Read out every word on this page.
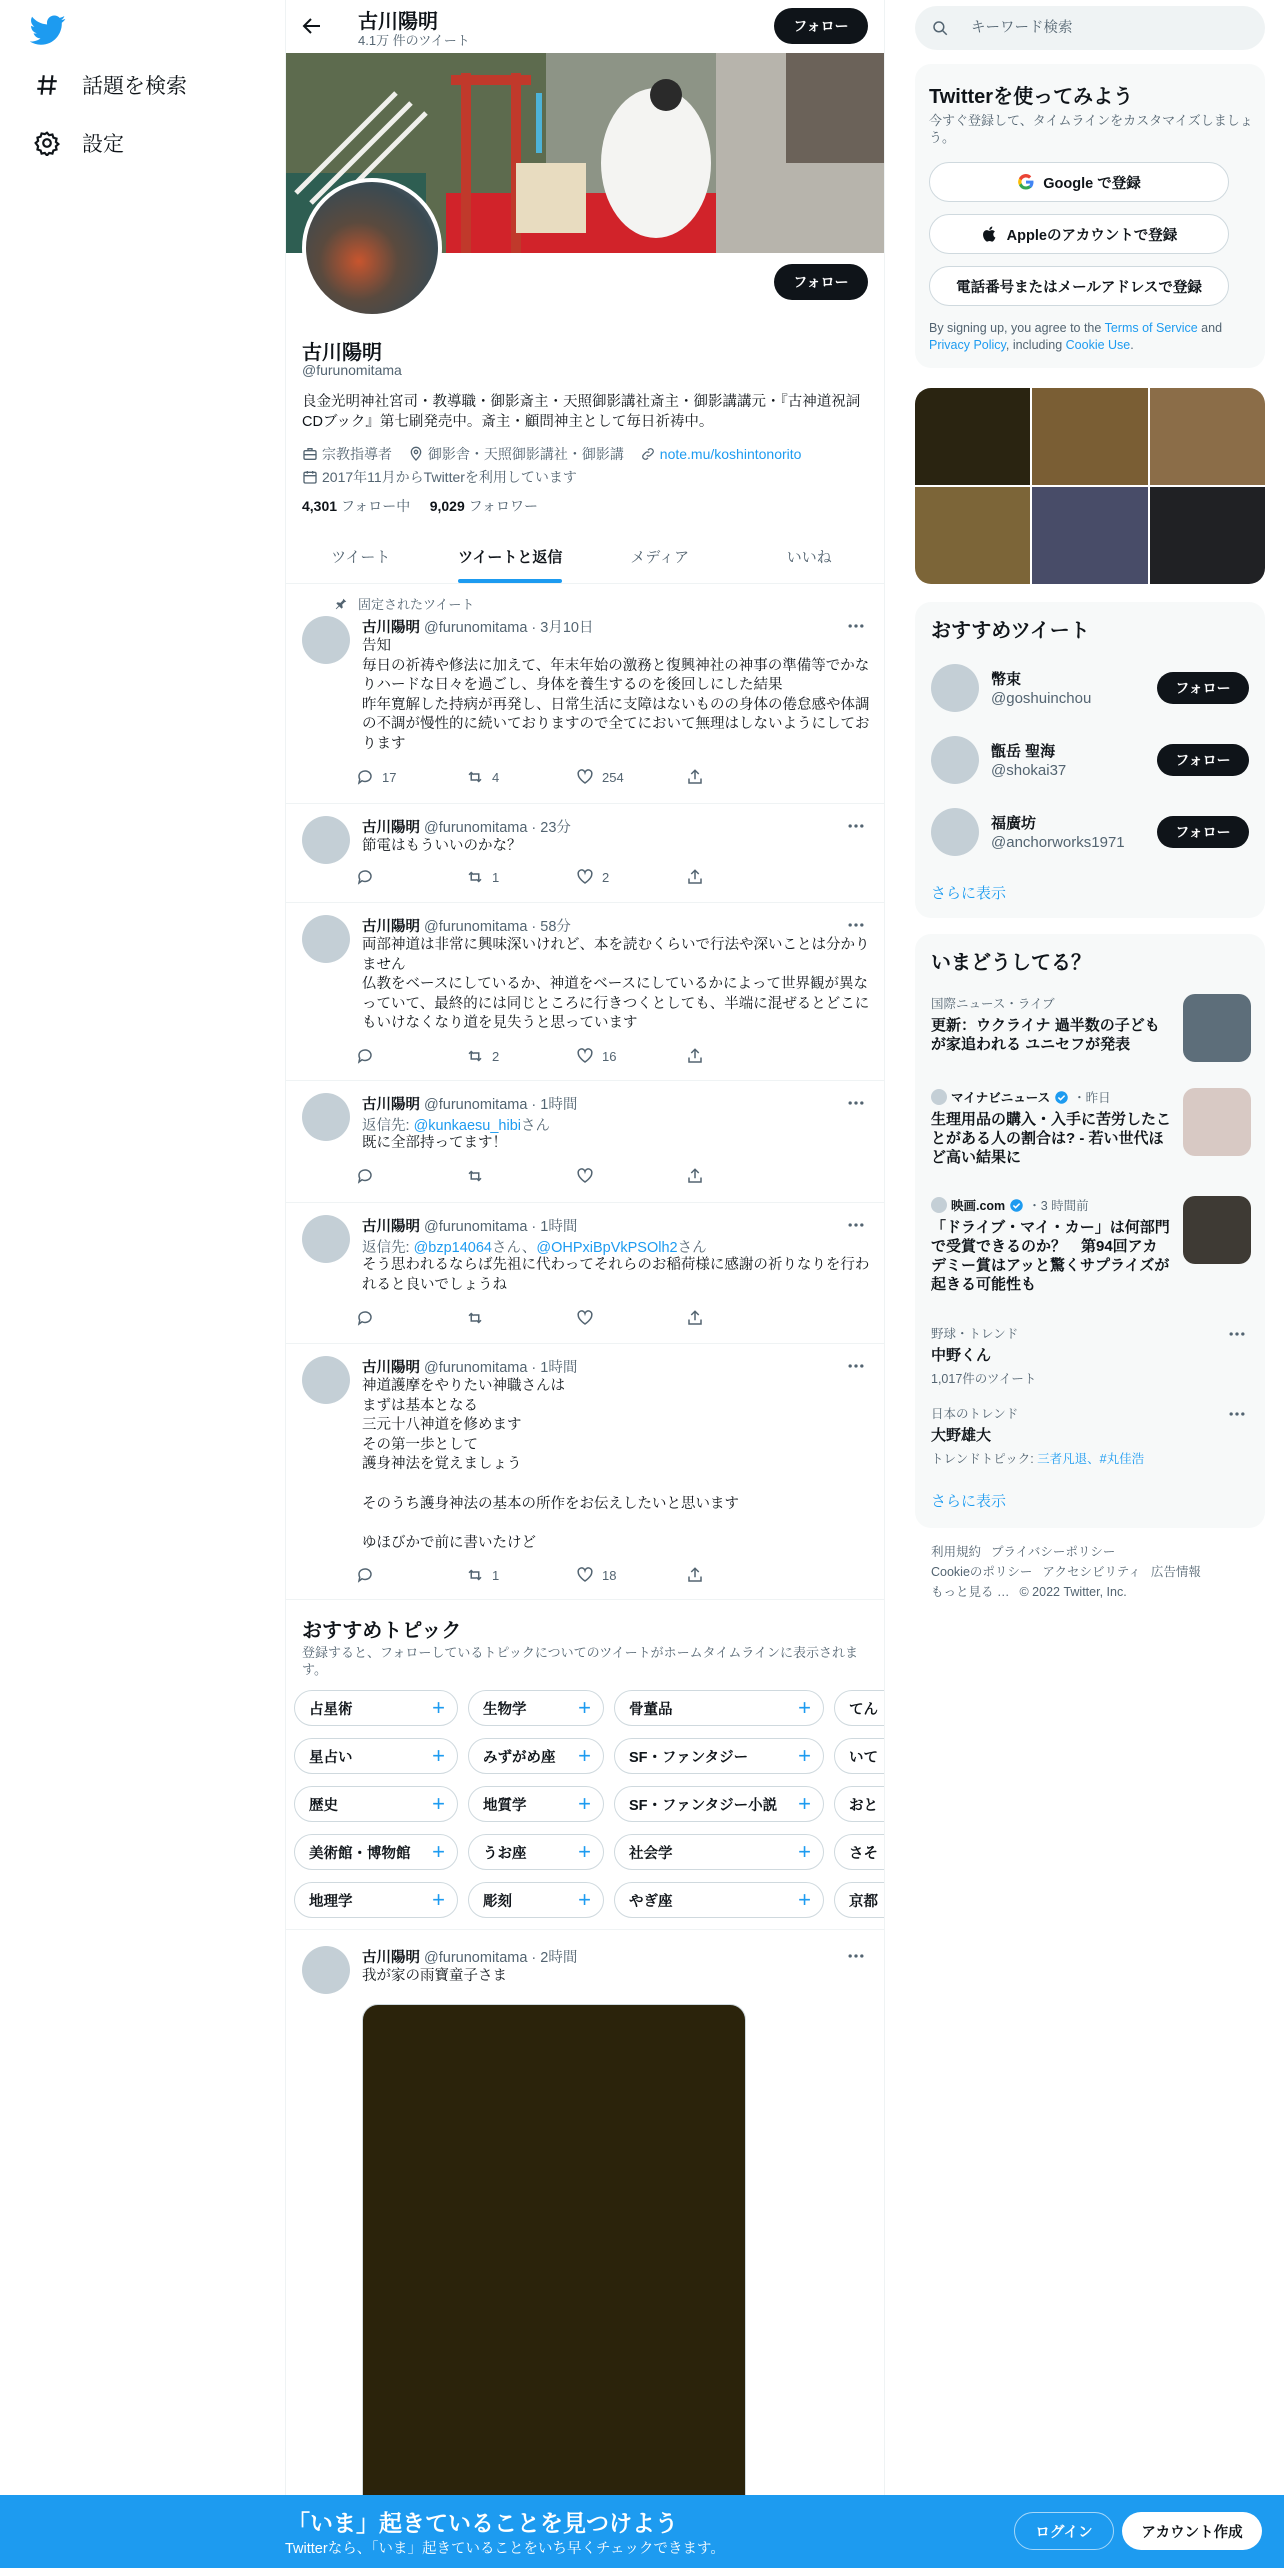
話題を検索
設定
古川陽明
4.1万 件のツイート
フォロー
フォロー
古川陽明
@furunomitama
良金光明神社宮司・教導職・御影斎主・天照御影講社斎主・御影講講元・『古神道祝詞CDブック』第七刷発売中。斎主・顧問神主として毎日祈祷中。
宗教指導者
	御影舎・天照御影講社・御影講
	note.mu/koshintonorito

2017年11月からTwitterを利用しています
4,301 フォロー中 9,029 フォロワー
ツイート	ツイートと返信	メディア	いいね
固定されたツイート
古川陽明 @furunomitama · 3月10日
告知
毎日の祈祷や修法に加えて、年末年始の激務と復興神社の神事の準備等でかなりハードな日々を過ごし、身体を養生するのを後回しにした結果
昨年寛解した持病が再発し、日常生活に支障はないものの身体の倦怠感や体調の不調が慢性的に続いておりますので全てにおいて無理はしないようにしております
17	4	254
古川陽明 @furunomitama · 23分
節電はもういいのかな？
1	2
古川陽明 @furunomitama · 58分
両部神道は非常に興味深いけれど、本を読むくらいで行法や深いことは分かりません
仏教をベースにしているか、神道をベースにしているかによって世界観が異なっていて、最終的には同じところに行きつくとしても、半端に混ぜるとどこにもいけなくなり道を見失うと思っています
2	16
古川陽明 @furunomitama · 1時間
返信先: @kunkaesu_hibiさん
既に全部持ってます！
古川陽明 @furunomitama · 1時間
返信先: @bzp14064さん、@OHPxiBpVkPSOlh2さん
そう思われるならば先祖に代わってそれらのお稲荷様に感謝の祈りなりを行われると良いでしょうね
古川陽明 @furunomitama · 1時間
神道護摩をやりたい神職さんは
まずは基本となる
三元十八神道を修めます
その第一歩として
護身神法を覚えましょう

そのうち護身神法の基本の所作をお伝えしたいと思います

ゆほびかで前に書いたけど
1	18
おすすめトピック
登録すると、フォローしているトピックについてのツイートがホームタイムラインに表示されます。
占星術	+	生物学 +	骨董品	+	てん
星占い	+	みずがめ座 +	SF・ファンタジー +	いて
歴史	+	地質学 +	SF・ファンタジー小説 +	おと
美術館・博物館 +	うお座 +	社会学	+	さそ
地理学	+	彫刻	+	やぎ座	+	京都
古川陽明 @furunomitama · 2時間
我が家の雨寶童子さま
キーワード検索
Twitterを使ってみよう
今すぐ登録して、タイムラインをカスタマイズしましょう。
Google で登録
Appleのアカウントで登録
電話番号またはメールアドレスで登録
By signing up, you agree to the Terms of Service and Privacy Policy, including Cookie Use.
おすすめツイート
幣束
@goshuinchou
フォロー
甑岳 聖海
@shokai37
フォロー
福廣坊
@anchorworks1971
フォロー
さらに表示
いまどうしてる？
国際ニュース・ライブ
更新：ウクライナ 過半数の子どもが家追われる ユニセフが発表
マイナビニュース ・昨日
生理用品の購入・入手に苦労したことがある人の割合は? - 若い世代ほど高い結果に
映画.com ・3 時間前
「ドライブ・マイ・カー」は何部門で受賞できるのか？　第94回アカデミー賞はアッと驚くサプライズが起きる可能性も
野球・トレンド
中野くん
1,017件のツイート
日本のトレンド
大野雄大
トレンドトピック: 三者凡退、#丸佳浩
さらに表示
利用規約 プライバシーポリシー
Cookieのポリシー アクセシビリティ 広告情報
もっと見る … © 2022 Twitter, Inc.
「いま」起きていることを見つけよう
Twitterなら、「いま」起きていることをいち早くチェックできます。
ログイン	アカウント作成
